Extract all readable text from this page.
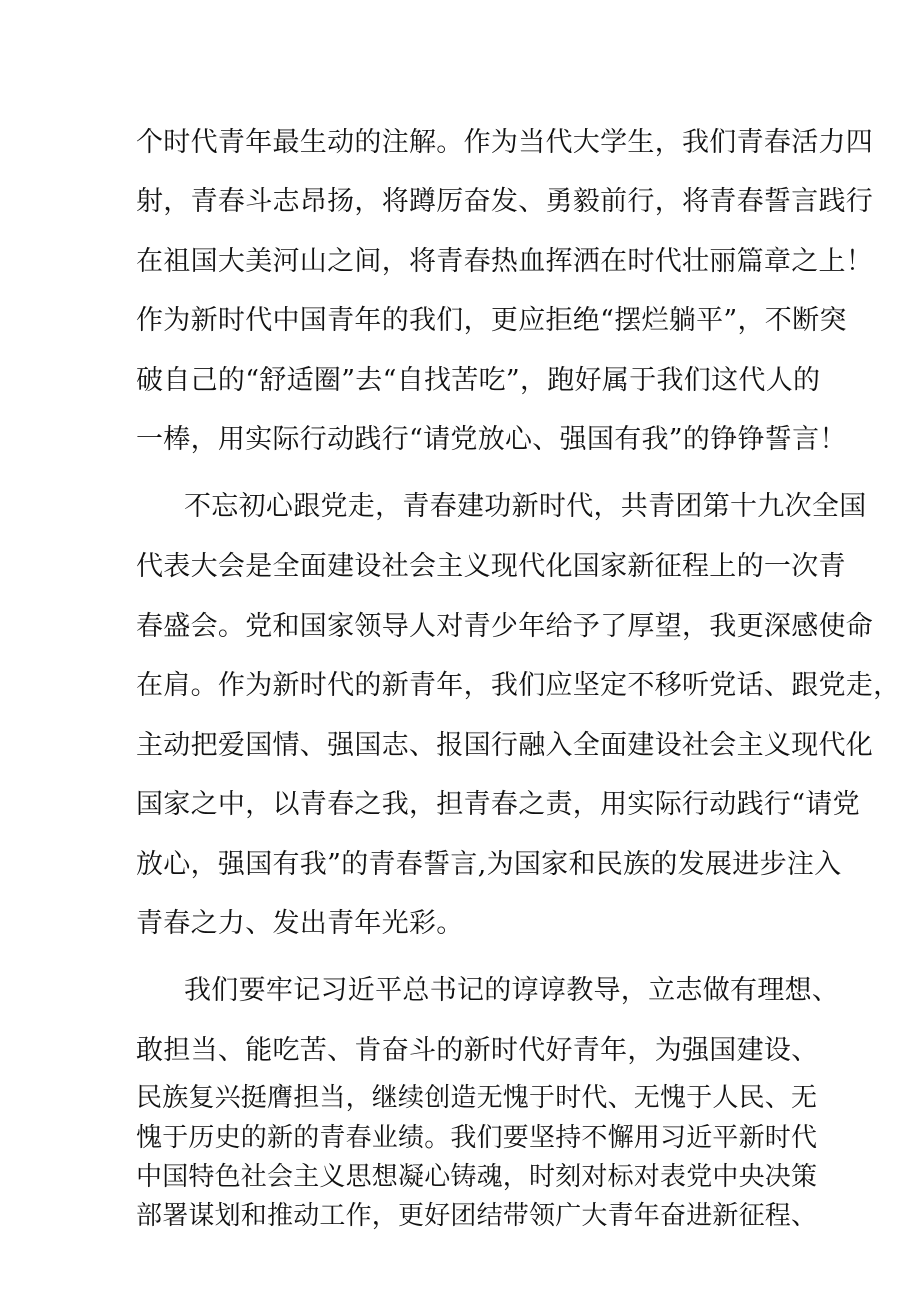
个时代青年最生动的注解。作为当代大学生，我们青春活力四
射，青春斗志昂扬，将蹲厉奋发、勇毅前行，将青春誓言践行
在祖国大美河山之间，将青春热血挥洒在时代壮丽篇章之上！
作为新时代中国青年的我们，更应拒绝“摆烂躺平”，不断突
破自己的“舒适圈”去“自找苦吃”，跑好属于我们这代人的
一棒，用实际行动践行“请党放心、强国有我”的铮铮誓言！
不忘初心跟党走，青春建功新时代，共青团第十九次全国
代表大会是全面建设社会主义现代化国家新征程上的一次青
春盛会。党和国家领导人对青少年给予了厚望，我更深感使命
在肩。作为新时代的新青年，我们应坚定不移听党话、跟党走，
主动把爱国情、强国志、报国行融入全面建设社会主义现代化
国家之中，以青春之我，担青春之责，用实际行动践行“请党
放心，强国有我”的青春誓言,为国家和民族的发展进步注入
青春之力、发出青年光彩。
我们要牢记习近平总书记的谆谆教导，立志做有理想、
敢担当、能吃苦、肯奋斗的新时代好青年，为强国建设、
民族复兴挺膺担当，继续创造无愧于时代、无愧于人民、无
愧于历史的新的青春业绩。我们要坚持不懈用习近平新时代
中国特色社会主义思想凝心铸魂，时刻对标对表党中央决策
部署谋划和推动工作，更好团结带领广大青年奋进新征程、
